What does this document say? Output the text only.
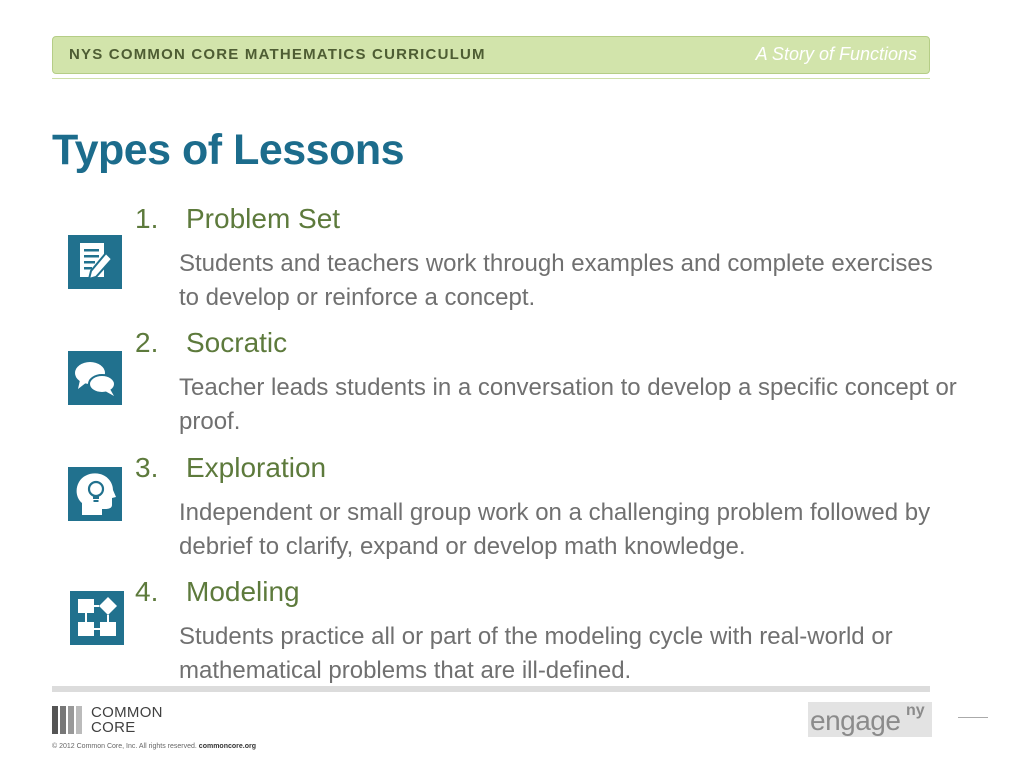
NYS COMMON CORE MATHEMATICS CURRICULUM	A Story of Functions
Types of Lessons
1. Problem Set
Students and teachers work through examples and complete exercises to develop or reinforce a concept.
2. Socratic
Teacher leads students in a conversation to develop a specific concept or proof.
3. Exploration
Independent or small group work on a challenging problem followed by debrief to clarify, expand or develop math knowledge.
4. Modeling
Students practice all or part of the modeling cycle with real-world or mathematical problems that are ill-defined.
COMMON
CORE
© 2012 Common Core, Inc. All rights reserved. commoncore.org
engage ny
